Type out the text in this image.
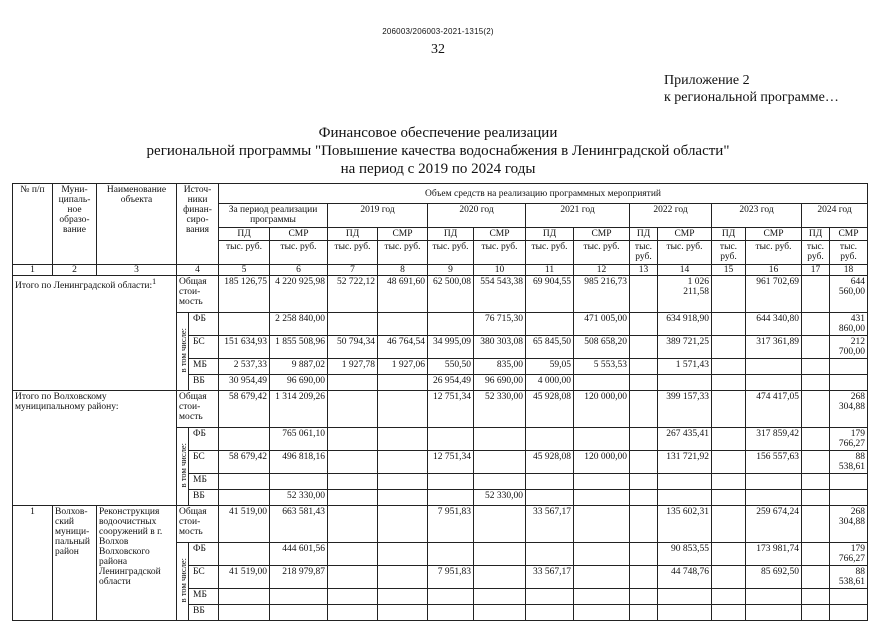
206003/206003-2021-1315(2)
32
Приложение 2
к региональной программе…
Финансовое обеспечение реализации
региональной программы "Повышение качества водоснабжения в Ленинградской области"
на период с 2019 по 2024 годы
№ п/п	Муни- ципаль- ное образо- вание	Наименование объекта	Источ- ники финан- сиро- вания		Объем средств на реализацию программных мероприятий													
					За период реализации программы		2019 год		2020 год		2021 год		2022 год		2023 год		2024 год	
					ПД	СМР	ПД	СМР	ПД	СМР	ПД	СМР	ПД	СМР	ПД	СМР	ПД	СМР
					тыс. руб.	тыс. руб.	тыс. руб.	тыс. руб.	тыс. руб.	тыс. руб.	тыс. руб.	тыс. руб.	тыс. руб.	тыс. руб.	тыс. руб.	тыс. руб.	тыс. руб.	тыс. руб.
1	2	3	4		5	6	7	8	9	10	11	12	13	14	15	16	17	18
Итого по Ленинградской области:$^1$			Общая стои- мость		185 126,75	4 220 925,98	52 722,12	48 691,60	62 500,08	554 543,38	69 904,55	985 216,73		1 026 211,58		961 702,69		644 560,00
			в том числе:	ФБ		2 258 840,00				76 715,30		471 005,00		634 918,90		644 340,80		431 860,00
				БС	151 634,93	1 855 508,96	50 794,34	46 764,54	34 995,09	380 303,08	65 845,50	508 658,20		389 721,25		317 361,89		212 700,00
				МБ	2 537,33	9 887,02	1 927,78	1 927,06	550,50	835,00	59,05	5 553,53		1 571,43				
				ВБ	30 954,49	96 690,00			26 954,49	96 690,00	4 000,00							
Итого по Волховскому муниципальному району:			Общая стои- мость		58 679,42	1 314 209,26			12 751,34	52 330,00	45 928,08	120 000,00		399 157,33		474 417,05		268 304,88
			в том числе:	ФБ		765 061,10								267 435,41		317 859,42		179 766,27
				БС	58 679,42	496 818,16			12 751,34		45 928,08	120 000,00		131 721,92		156 557,63		88 538,61
				МБ														
				ВБ		52 330,00				52 330,00								
1	Волхов- ский муници- пальный район	Реконструкция водоочистных сооружений в г. Волхов Волховского района Ленинградской области	Общая стои- мость		41 519,00	663 581,43			7 951,83		33 567,17			135 602,31		259 674,24		268 304,88
			в том числе:	ФБ		444 601,56								90 853,55		173 981,74		179 766,27
				БС	41 519,00	218 979,87			7 951,83		33 567,17			44 748,76		85 692,50		88 538,61
				МБ														
				ВБ														
